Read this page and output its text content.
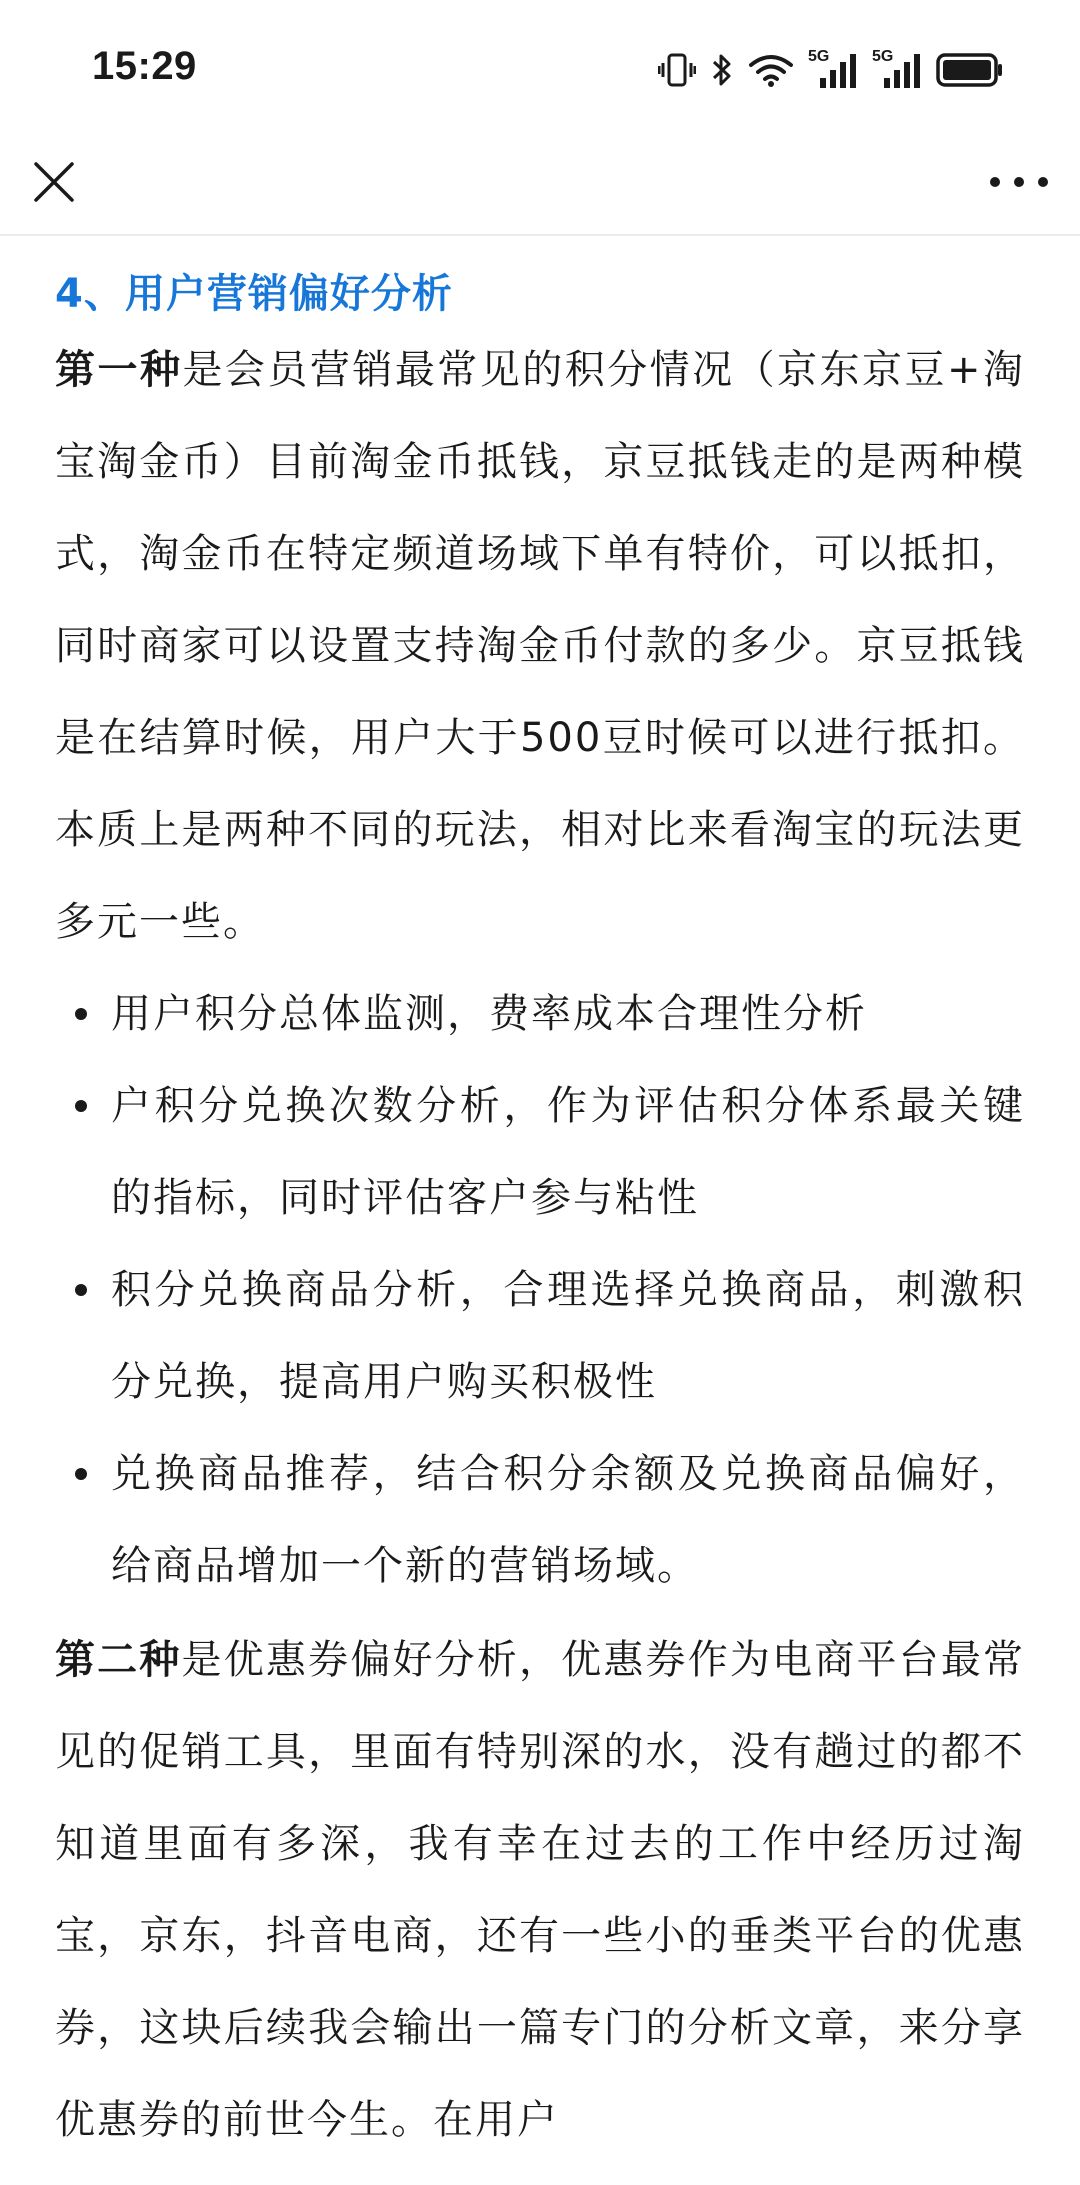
15:29	5G	5G
4、用户营销偏好分析

第一种是会员营销最常见的积分情况（京东京豆+淘宝淘金币）目前淘金币抵钱，京豆抵钱走的是两种模式，淘金币在特定频道场域下单有特价，可以抵扣，同时商家可以设置支持淘金币付款的多少。京豆抵钱是在结算时候，用户大于500豆时候可以进行抵扣。本质上是两种不同的玩法，相对比来看淘宝的玩法更多元一些。

用户积分总体监测，费率成本合理性分析
户积分兑换次数分析，作为评估积分体系最关键的指标，同时评估客户参与粘性
积分兑换商品分析，合理选择兑换商品，刺激积分兑换，提高用户购买积极性
兑换商品推荐，结合积分余额及兑换商品偏好，给商品增加一个新的营销场域。

第二种是优惠券偏好分析，优惠券作为电商平台最常见的促销工具，里面有特别深的水，没有趟过的都不知道里面有多深，我有幸在过去的工作中经历过淘宝，京东，抖音电商，还有一些小的垂类平台的优惠券，这块后续我会输出一篇专门的分析文章，来分享优惠券的前世今生。在用户
